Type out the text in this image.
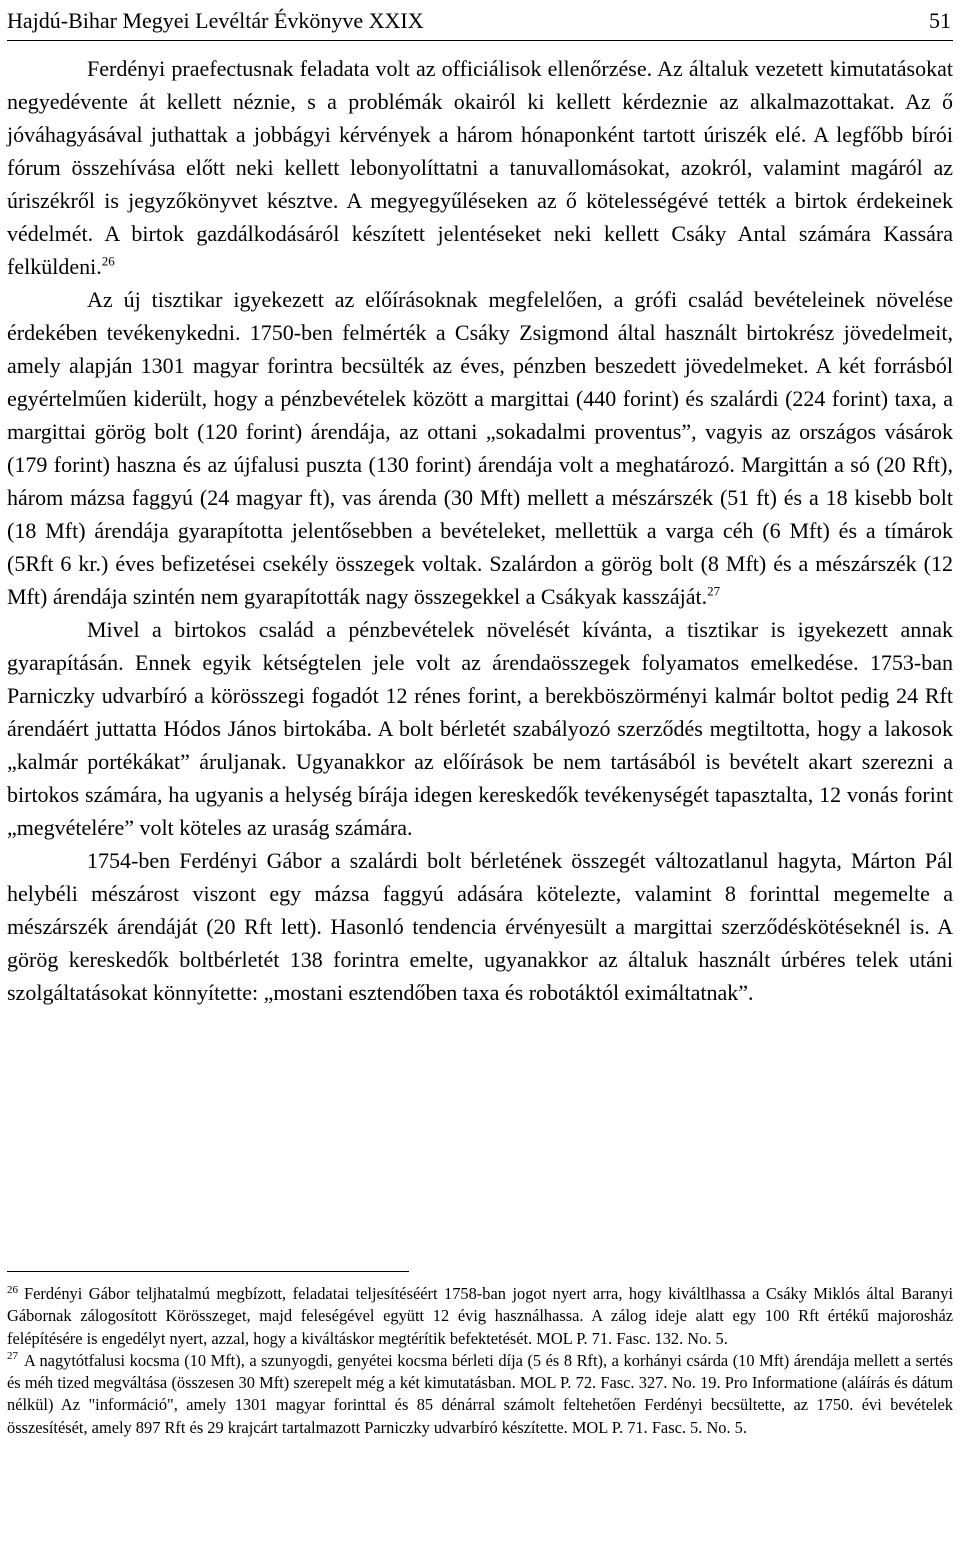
Hajdú-Bihar Megyei Levéltár Évkönyve XXIX	51

Ferdényi praefectusnak feladata volt az officiálisok ellenőrzése. Az általuk vezetett kimutatásokat negyedévente át kellett néznie, s a problémák okairól ki kellett kérdeznie az alkalmazottakat. Az ő jóváhagyásával juthattak a jobbágyi kérvények a három hónaponként tartott úriszék elé. A legfőbb bírói fórum összehívása előtt neki kellett lebonyolíttatni a tanuvallomásokat, azokról, valamint magáról az úriszékről is jegyzőkönyvet késztve. A megyegyűléseken az ő kötelességévé tették a birtok érdekeinek védelmét. A birtok gazdálkodásáról készített jelentéseket neki kellett Csáky Antal számára Kassára felküldeni.$^{26}$

Az új tisztikar igyekezett az előírásoknak megfelelően, a grófi család bevételeinek növelése érdekében tevékenykedni. 1750-ben felmérték a Csáky Zsigmond által használt birtokrész jövedelmeit, amely alapján 1301 magyar forintra becsülték az éves, pénzben beszedett jövedelmeket. A két forrásból egyértelműen kiderült, hogy a pénzbevételek között a margittai (440 forint) és szalárdi (224 forint) taxa, a margittai görög bolt (120 forint) árendája, az ottani „sokadalmi proventus”, vagyis az országos vásárok (179 forint) haszna és az újfalusi puszta (130 forint) árendája volt a meghatározó. Margittán a só (20 Rft), három mázsa faggyú (24 magyar ft), vas árenda (30 Mft) mellett a mészárszék (51 ft) és a 18 kisebb bolt (18 Mft) árendája gyarapította jelentősebben a bevételeket, mellettük a varga céh (6 Mft) és a tímárok (5Rft 6 kr.) éves befizetései csekély összegek voltak. Szalárdon a görög bolt (8 Mft) és a mészárszék (12 Mft) árendája szintén nem gyarapították nagy összegekkel a Csákyak kasszáját.$^{27}$

Mivel a birtokos család a pénzbevételek növelését kívánta, a tisztikar is igyekezett annak gyarapításán. Ennek egyik kétségtelen jele volt az árendaösszegek folyamatos emelkedése. 1753-ban Parniczky udvarbíró a körösszegi fogadót 12 rénes forint, a berekböszörményi kalmár boltot pedig 24 Rft árendáért juttatta Hódos János birtokába. A bolt bérletét szabályozó szerződés megtiltotta, hogy a lakosok „kalmár portékákat” árulјanak. Ugyanakkor az előírások be nem tartásából is bevételt akart szerezni a birtokos számára, ha ugyanis a helység bírája idegen kereskedők tevékenységét tapasztalta, 12 vonás forint „megvételére” volt köteles az uraság számára.

1754-ben Ferdényi Gábor a szalárdi bolt bérletének összegét változatlanul hagyta, Márton Pál helybéli mészárost viszont egy mázsa faggyú adására kötelezte, valamint 8 forinttal megemelte a mészárszék árendáját (20 Rft lett). Hasonló tendencia érvényesült a margittai szerződéskötéseknél is. A görög kereskedők boltbérletét 138 forintra emelte, ugyanakkor az általuk használt úrbéres telek utáni szolgáltatásokat könnyítette: „mostani esztendőben taxa és robotáktól eximáltatnak”.

$^{26}$ Ferdényi Gábor teljhatalmú megbízott, feladatai teljesítéséért 1758-ban jogot nyert arra, hogy kiváltlhassa a Csáky Miklós által Baranyi Gábornak zálogosított Körösszeget, majd feleségével együtt 12 évig használhassa. A zálog ideje alatt egy 100 Rft értékű majorosház felépítésére is engedélyt nyert, azzal, hogy a kiváltáskor megtérítik befektetését. MOL P. 71. Fasc. 132. No. 5.

$^{27}$ A nagytótfalusi kocsma (10 Mft), a szunyogdi, genyétei kocsma bérleti díja (5 és 8 Rft), a korhányi csárda (10 Mft) árendája mellett a sertés és méh tized megváltása (összesen 30 Mft) szerepelt még a két kimutatásban. MOL P. 72. Fasc. 327. No. 19. Pro Informatione (aláírás és dátum nélkül) Az "információ", amely 1301 magyar forinttal és 85 dénárral számolt feltehetően Ferdényi becsültette, az 1750. évi bevételek összesítését, amely 897 Rft és 29 krajcárt tartalmazott Parniczky udvarbíró készítette. MOL P. 71. Fasc. 5. No. 5.
